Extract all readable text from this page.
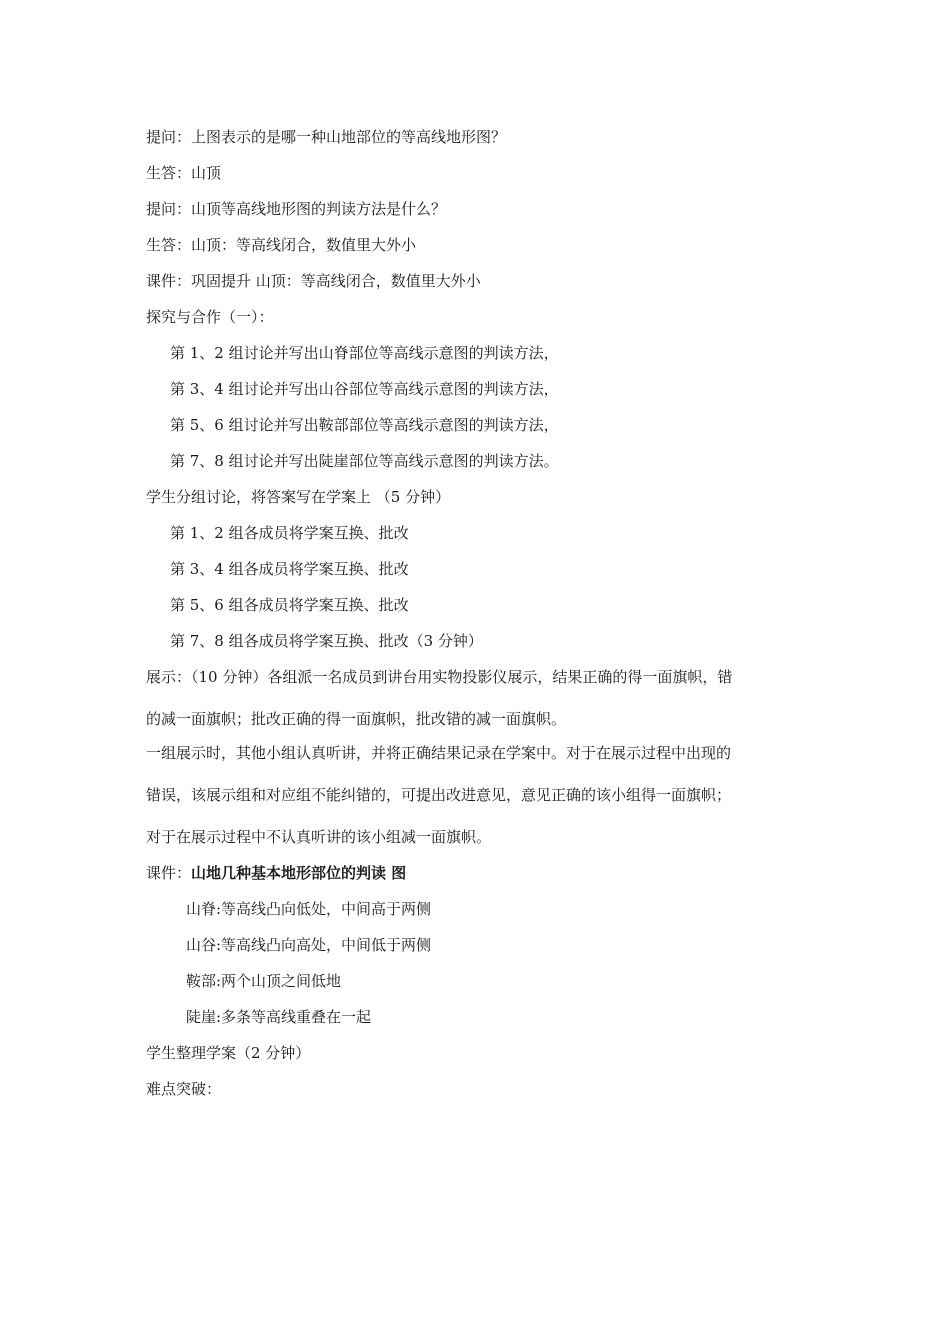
提问：上图表示的是哪一种山地部位的等高线地形图？
生答：山顶
提问：山顶等高线地形图的判读方法是什么？
生答：山顶：等高线闭合，数值里大外小
课件：巩固提升 山顶：等高线闭合，数值里大外小
探究与合作（一）：
第 1、2 组讨论并写出山脊部位等高线示意图的判读方法，
第 3、4 组讨论并写出山谷部位等高线示意图的判读方法，
第 5、6 组讨论并写出鞍部部位等高线示意图的判读方法，
第 7、8 组讨论并写出陡崖部位等高线示意图的判读方法。
学生分组讨论，将答案写在学案上 （5 分钟）
第 1、2 组各成员将学案互换、批改
第 3、4 组各成员将学案互换、批改
第 5、6 组各成员将学案互换、批改
第 7、8 组各成员将学案互换、批改（3 分钟）
展示：（10 分钟）各组派一名成员到讲台用实物投影仪展示，结果正确的得一面旗帜，错
的减一面旗帜；批改正确的得一面旗帜，批改错的减一面旗帜。
一组展示时，其他小组认真听讲，并将正确结果记录在学案中。对于在展示过程中出现的
错误，该展示组和对应组不能纠错的，可提出改进意见，意见正确的该小组得一面旗帜；
对于在展示过程中不认真听讲的该小组减一面旗帜。
课件：山地几种基本地形部位的判读 图
山脊:等高线凸向低处，中间高于两侧
山谷:等高线凸向高处，中间低于两侧
鞍部:两个山顶之间低地
陡崖:多条等高线重叠在一起
学生整理学案（2 分钟）
难点突破：
